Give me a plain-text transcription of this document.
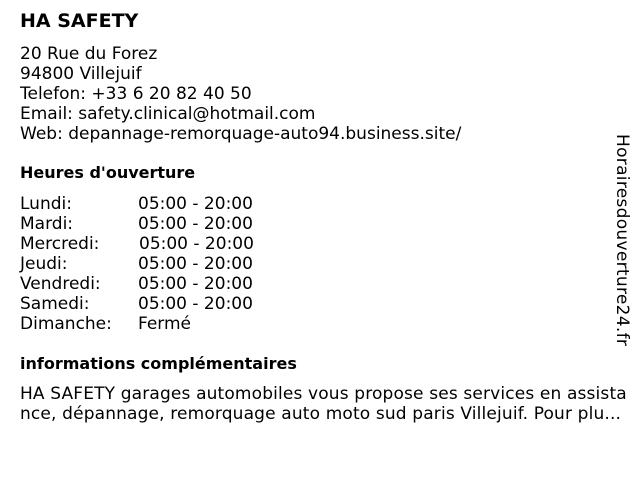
HA SAFETY
20 Rue du Forez
94800 Villejuif
Telefon: +33 6 20 82 40 50
Email: safety.clinical@hotmail.com
Web: depannage-remorquage-auto94.business.site/
Heures d'ouverture
Lundi:	05:00 - 20:00
Mardi:	05:00 - 20:00
Mercredi: 05:00 - 20:00
Jeudi:	05:00 - 20:00
Vendredi: 05:00 - 20:00
Samedi:	05:00 - 20:00
Dimanche: Fermé
informations complémentaires
HA SAFETY garages automobiles vous propose ses services en assista
nce, dépannage, remorquage auto moto sud paris Villejuif. Pour plu...
Horairesdouverture24.fr
